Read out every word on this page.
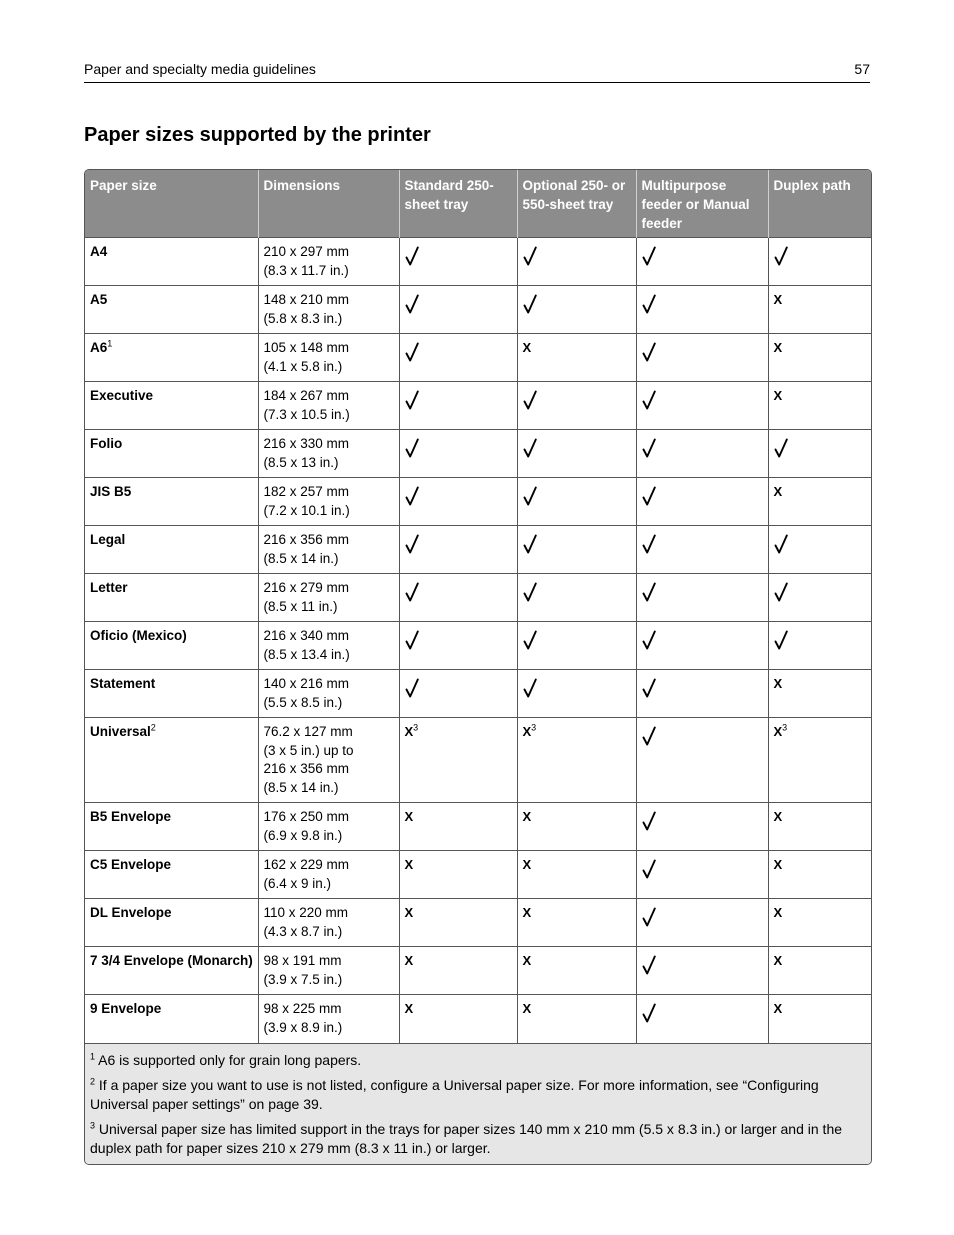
Paper and specialty media guidelines	57
Paper sizes supported by the printer
Paper size	Dimensions	Standard 250-sheet tray	Optional 250- or 550-sheet tray	Multipurpose feeder or Manual feeder	Duplex path
A4	210 x 297 mm
(8.3 x 11.7 in.)

A5	148 x 210 mm
(5.8 x 8.3 in.)				X
$A6^1$	105 x 148 mm
(4.1 x 5.8 in.)		X		X
Executive	184 x 267 mm
(7.3 x 10.5 in.)				X
Folio	216 x 330 mm
(8.5 x 13 in.)

JIS B5	182 x 257 mm
(7.2 x 10.1 in.)				X
Legal	216 x 356 mm
(8.5 x 14 in.)

Letter	216 x 279 mm
(8.5 x 11 in.)

Oficio (Mexico)	216 x 340 mm
(8.5 x 13.4 in.)

Statement	140 x 216 mm
(5.5 x 8.5 in.)				X
Universal$^2$	76.2 x 127 mm
(3 x 5 in.) up to
216 x 356 mm
(8.5 x 14 in.)	$X^3$	$X^3$		$X^3$
B5 Envelope	176 x 250 mm
(6.9 x 9.8 in.)	X	X		X
C5 Envelope	162 x 229 mm
(6.4 x 9 in.)	X	X		X
DL Envelope	110 x 220 mm
(4.3 x 8.7 in.)	X	X		X
7 3/4 Envelope (Monarch)	98 x 191 mm
(3.9 x 7.5 in.)	X	X		X
9 Envelope	98 x 225 mm
(3.9 x 8.9 in.)	X	X		X

$^1$ A6 is supported only for grain long papers.

$^2$ If a paper size you want to use is not listed, configure a Universal paper size. For more information, see “Configuring Universal paper settings” on page 39.

$^3$ Universal paper size has limited support in the trays for paper sizes 140 mm x 210 mm (5.5 x 8.3 in.) or larger and in the duplex path for paper sizes 210 x 279 mm (8.3 x 11 in.) or larger.
